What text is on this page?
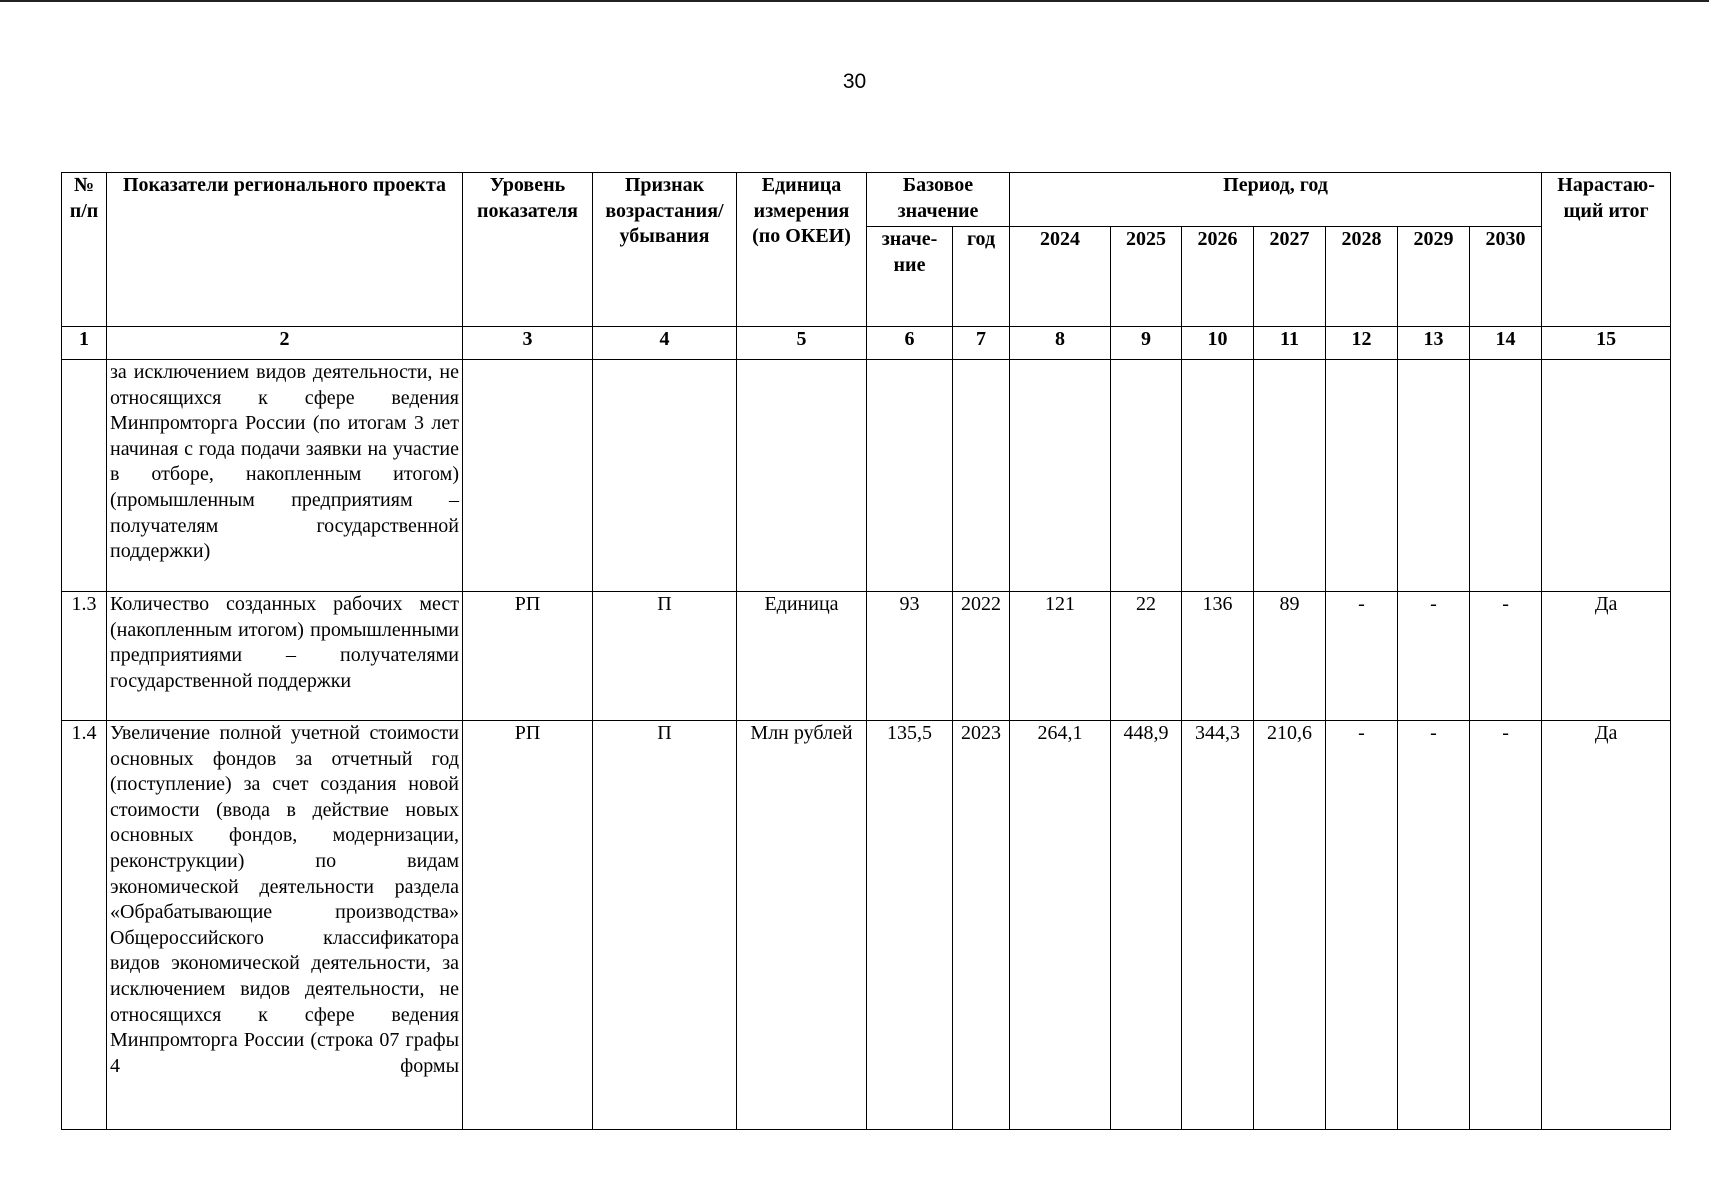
30
№ п/п	Показатели регионального проекта	Уровень показателя	Признак возрастания/ убывания	Единица измерения (по ОКЕИ)	Базовое значение		Период, год							Нарастаю-щий итог
					значе-ние	год	2024	2025	2026	2027	2028	2029	2030	
1	2	3	4	5	6	7	8	9	10	11	12	13	14	15
	за исключением видов деятельности, не относящихся к сфере ведения Минпромторга России (по итогам 3 лет начиная с года подачи заявки на участие в отборе, накопленным итогом) (промышленным предприятиям – получателям государственной поддержки)													
1.3	Количество созданных рабочих мест (накопленным итогом) промышленными предприятиями – получателями государственной поддержки	РП	П	Единица	93	2022	121	22	136	89	-	-	-	Да
1.4	Увеличение полной учетной стоимости основных фондов за отчетный год (поступление) за счет создания новой стоимости (ввода в действие новых основных фондов, модернизации, реконструкции) по видам экономической деятельности раздела «Обрабатывающие производства» Общероссийского классификатора видов экономической деятельности, за исключением видов деятельности, не относящихся к сфере ведения Минпромторга России (строка 07 графы 4 формы	РП	П	Млн рублей	135,5	2023	264,1	448,9	344,3	210,6	-	-	-	Да
